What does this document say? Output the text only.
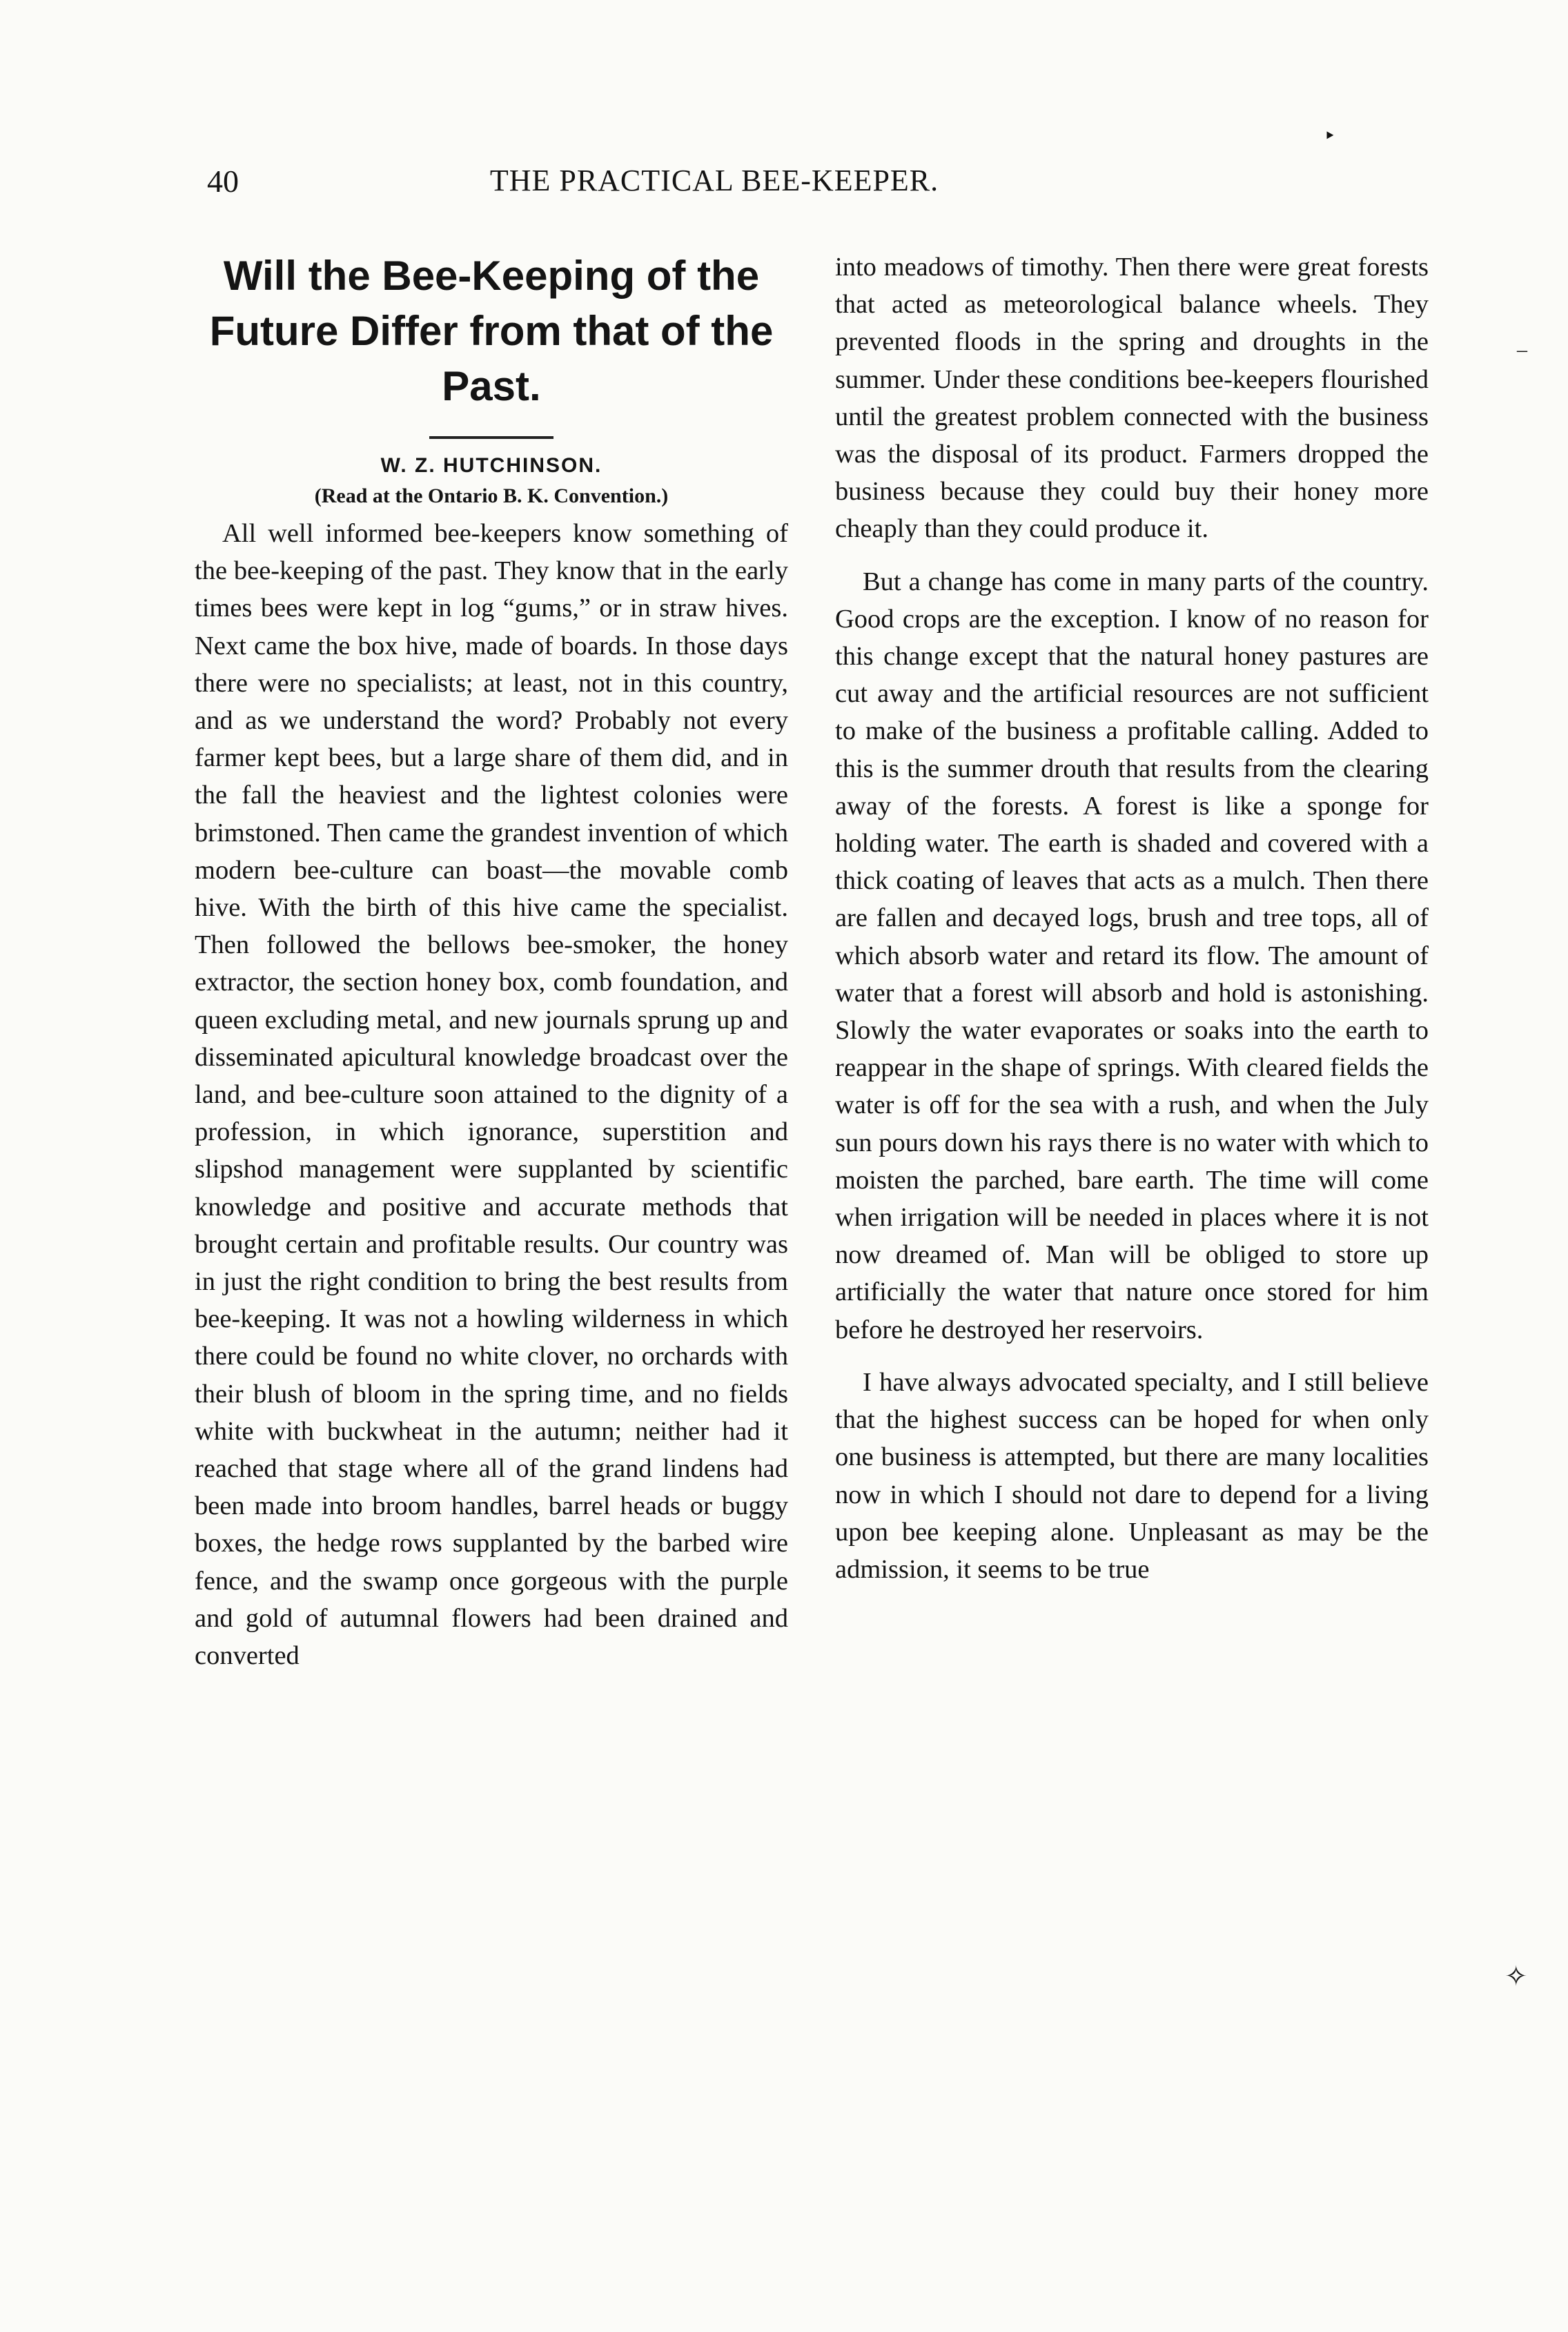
40	THE PRACTICAL BEE-KEEPER.
Will the Bee-Keeping of the Future Differ from that of the Past.
W. Z. HUTCHINSON.
(Read at the Ontario B. K. Convention.)

All well informed bee-keepers know something of the bee-keeping of the past. They know that in the early times bees were kept in log “gums,” or in straw hives. Next came the box hive, made of boards. In those days there were no specialists; at least, not in this country, and as we understand the word? Probably not every farmer kept bees, but a large share of them did, and in the fall the heaviest and the lightest colonies were brimstoned. Then came the grandest invention of which modern bee-culture can boast—the movable comb hive. With the birth of this hive came the specialist. Then followed the bellows bee-smoker, the honey extractor, the section honey box, comb foundation, and queen excluding metal, and new journals sprung up and disseminated apicultural knowledge broadcast over the land, and bee-culture soon attained to the dignity of a profession, in which ignorance, superstition and slipshod management were supplanted by scientific knowledge and positive and accurate methods that brought certain and profitable results. Our country was in just the right condition to bring the best results from bee-keeping. It was not a howling wilderness in which there could be found no white clover, no orchards with their blush of bloom in the spring time, and no fields white with buckwheat in the autumn; neither had it reached that stage where all of the grand lindens had been made into broom handles, barrel heads or buggy boxes, the hedge rows supplanted by the barbed wire fence, and the swamp once gorgeous with the purple and gold of autumnal flowers had been drained and converted

into meadows of timothy. Then there were great forests that acted as meteorological balance wheels. They prevented floods in the spring and droughts in the summer. Under these conditions bee-keepers flourished until the greatest problem connected with the business was the disposal of its product. Farmers dropped the business because they could buy their honey more cheaply than they could produce it.

But a change has come in many parts of the country. Good crops are the exception. I know of no reason for this change except that the natural honey pastures are cut away and the artificial resources are not sufficient to make of the business a profitable calling. Added to this is the summer drouth that results from the clearing away of the forests. A forest is like a sponge for holding water. The earth is shaded and covered with a thick coating of leaves that acts as a mulch. Then there are fallen and decayed logs, brush and tree tops, all of which absorb water and retard its flow. The amount of water that a forest will absorb and hold is astonishing. Slowly the water evaporates or soaks into the earth to reappear in the shape of springs. With cleared fields the water is off for the sea with a rush, and when the July sun pours down his rays there is no water with which to moisten the parched, bare earth. The time will come when irrigation will be needed in places where it is not now dreamed of. Man will be obliged to store up artificially the water that nature once stored for him before he destroyed her reservoirs.

I have always advocated specialty, and I still believe that the highest success can be hoped for when only one business is attempted, but there are many localities now in which I should not dare to depend for a living upon bee keeping alone. Unpleasant as may be the admission, it seems to be true

‣
–
✧
